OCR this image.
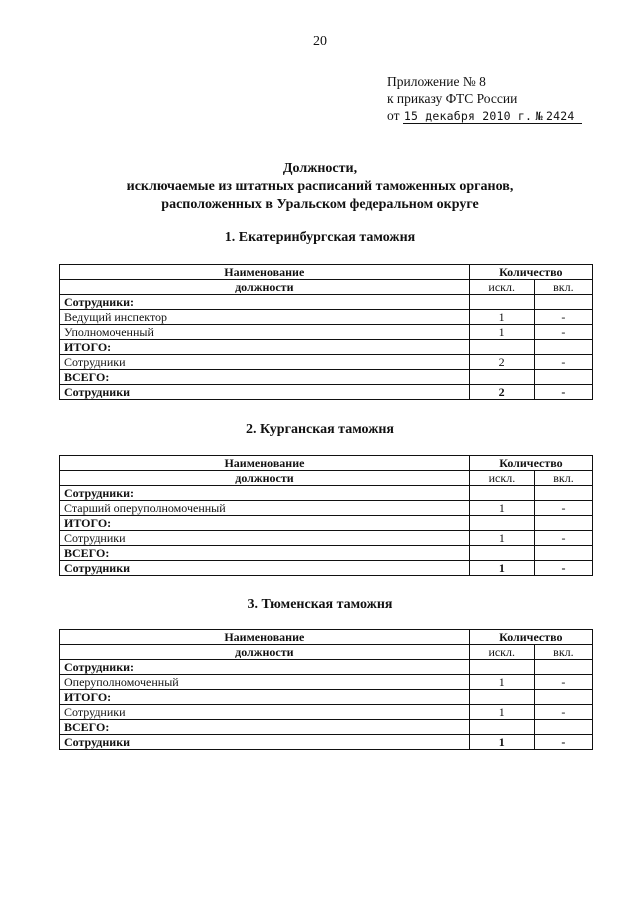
20
Приложение № 8
к приказу ФТС России
от 15 декабря 2010 г. № 2424
Должности,
исключаемые из штатных расписаний таможенных органов,
расположенных в Уральском федеральном округе
1. Екатеринбургская таможня
Наименование	Количество	
должности	искл.	вкл.
Сотрудники:		
Ведущий инспектор	1	-
Уполномоченный	1	-
ИТОГО:		
Сотрудники	2	-
ВСЕГО:		
Сотрудники	2	-
2. Курганская таможня
Наименование	Количество	
должности	искл.	вкл.
Сотрудники:		
Старший оперуполномоченный	1	-
ИТОГО:		
Сотрудники	1	-
ВСЕГО:		
Сотрудники	1	-
3. Тюменская таможня
Наименование	Количество	
должности	искл.	вкл.
Сотрудники:		
Оперуполномоченный	1	-
ИТОГО:		
Сотрудники	1	-
ВСЕГО:		
Сотрудники	1	-
